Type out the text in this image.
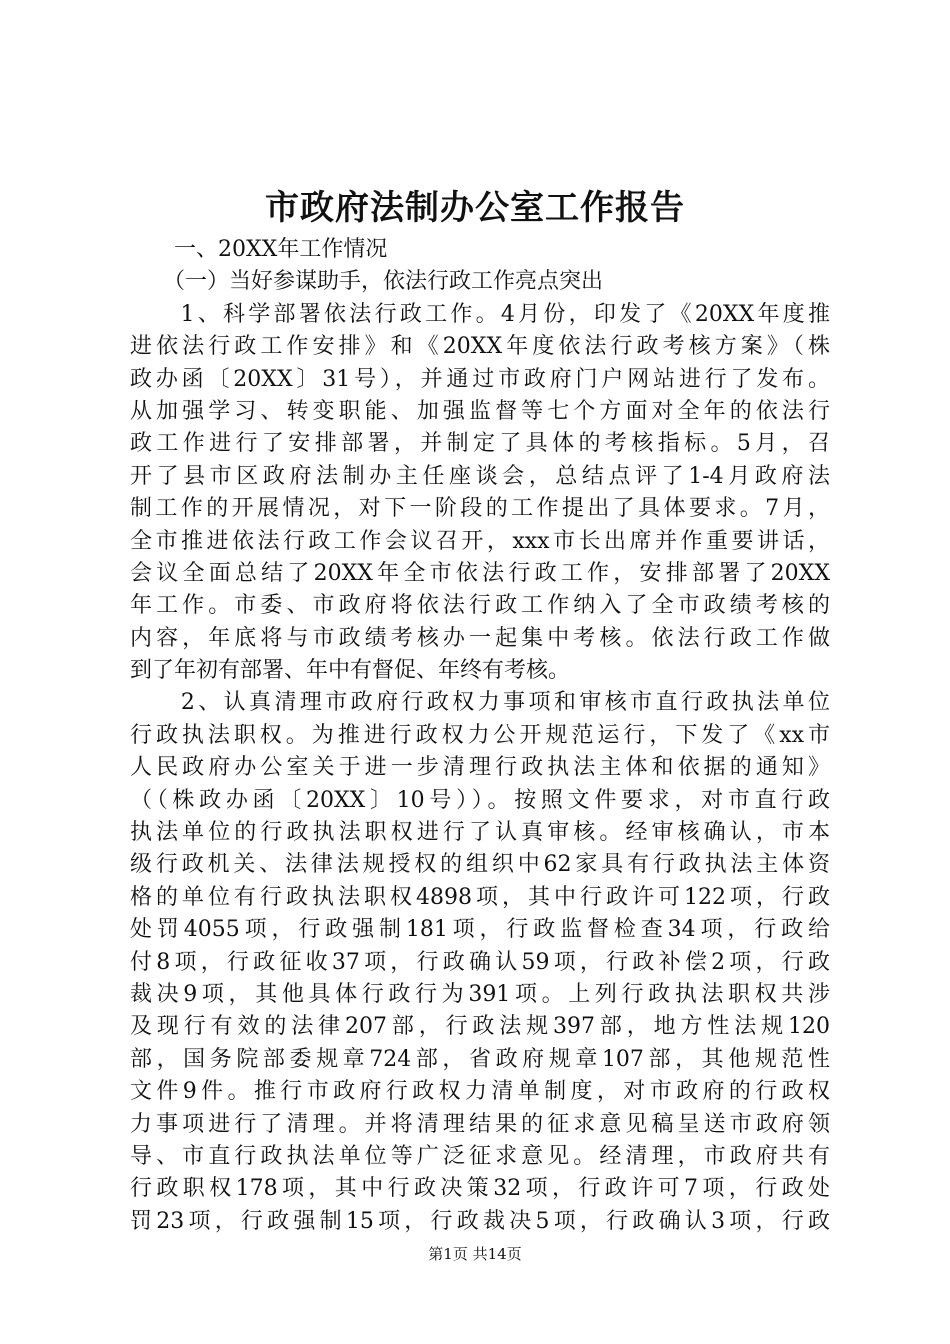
市政府法制办公室工作报告
　　一、20XX年工作情况
　　（一）当好参谋助手，依法行政工作亮点突出
　　1、科学部署依法行政工作。4月份，印发了《20XX年度推
进依法行政工作安排》和《20XX年度依法行政考核方案》（株
政办函〔20XX〕31号），并通过市政府门户网站进行了发布。
从加强学习、转变职能、加强监督等七个方面对全年的依法行
政工作进行了安排部署，并制定了具体的考核指标。5月，召
开了县市区政府法制办主任座谈会，总结点评了1-4月政府法
制工作的开展情况，对下一阶段的工作提出了具体要求。7月，
全市推进依法行政工作会议召开，xxx市长出席并作重要讲话，
会议全面总结了20XX年全市依法行政工作，安排部署了20XX
年工作。市委、市政府将依法行政工作纳入了全市政绩考核的
内容，年底将与市政绩考核办一起集中考核。依法行政工作做
到了年初有部署、年中有督促、年终有考核。
　　2、认真清理市政府行政权力事项和审核市直行政执法单位
行政执法职权。为推进行政权力公开规范运行，下发了《xx市
人民政府办公室关于进一步清理行政执法主体和依据的通知》
（（株政办函〔20XX〕10号））。按照文件要求，对市直行政
执法单位的行政执法职权进行了认真审核。经审核确认，市本
级行政机关、法律法规授权的组织中62家具有行政执法主体资
格的单位有行政执法职权4898项，其中行政许可122项，行政
处罚4055项，行政强制181项，行政监督检查34项，行政给
付8项，行政征收37项，行政确认59项，行政补偿2项，行政
裁决9项，其他具体行政行为391项。上列行政执法职权共涉
及现行有效的法律207部，行政法规397部，地方性法规120
部，国务院部委规章724部，省政府规章107部，其他规范性
文件9件。推行市政府行政权力清单制度，对市政府的行政权
力事项进行了清理。并将清理结果的征求意见稿呈送市政府领
导、市直行政执法单位等广泛征求意见。经清理，市政府共有
行政职权178项，其中行政决策32项，行政许可7项，行政处
罚23项，行政强制15项，行政裁决5项，行政确认3项，行政
第1页 共14页
